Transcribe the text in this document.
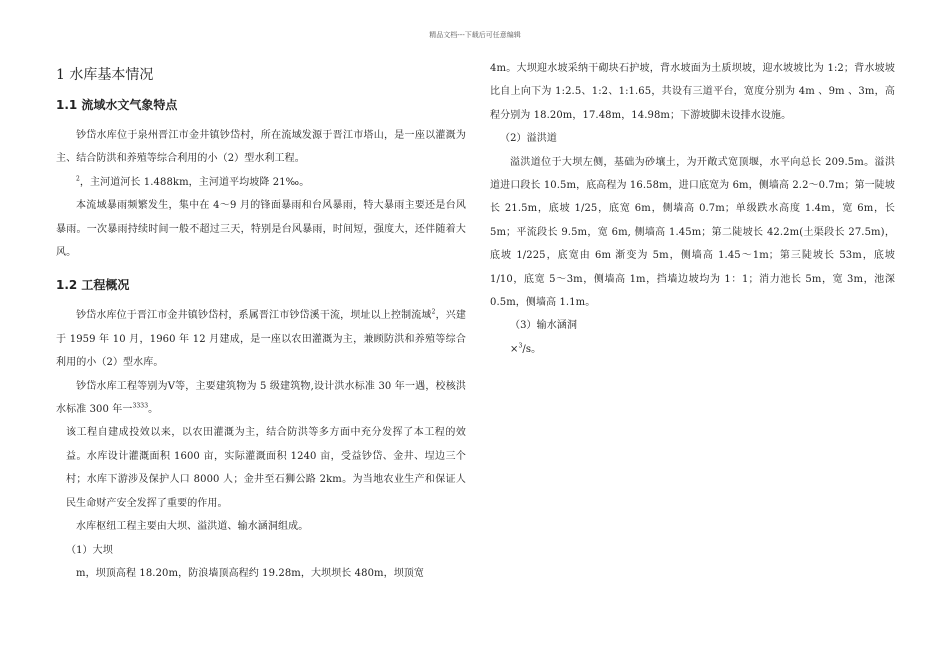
精品文档---下载后可任意编辑
1 水库基本情况
1.1 流域水文气象特点

钞岱水库位于泉州晋江市金井镇钞岱村，所在流域发源于晋江市塔山，是一座以灌溉为主、结合防洪和养殖等综合利用的小（2）型水利工程。

$^2$，主河道河长 1.488km，主河道平均坡降 21‰。

本流域暴雨频繁发生，集中在 4～9 月的锋面暴雨和台风暴雨，特大暴雨主要还是台风暴雨。一次暴雨持续时间一般不超过三天，特别是台风暴雨，时间短，强度大，还伴随着大风。

1.2 工程概况

钞岱水库位于晋江市金井镇钞岱村，系属晋江市钞岱溪干流，坝址以上控制流域$^2$，兴建于 1959 年 10 月，1960 年 12 月建成，是一座以农田灌溉为主，兼顾防洪和养殖等综合利用的小（2）型水库。

钞岱水库工程等别为Ⅴ等，主要建筑物为 5 级建筑物,设计洪水标准 30 年一遇，校核洪水标准 300 年一$^{3333}$。

该工程自建成投效以来，以农田灌溉为主，结合防洪等多方面中充分发挥了本工程的效益。水库设计灌溉面积 1600 亩，实际灌溉面积 1240 亩，受益钞岱、金井、埕边三个村；水库下游涉及保护人口 8000 人；金井至石狮公路 2km。为当地农业生产和保证人民生命财产安全发挥了重要的作用。

水库枢纽工程主要由大坝、溢洪道、输水涵洞组成。

（1）大坝

m，坝顶高程 18.20m，防浪墙顶高程约 19.28m，大坝坝长 480m，坝顶宽

4m。大坝迎水坡采纳干砌块石护坡，背水坡面为土质坝坡，迎水坡坡比为 1:2；背水坡坡比自上向下为 1:2.5、1:2、1:1.65，共设有三道平台，宽度分别为 4m 、9m 、3m，高程分别为 18.20m，17.48m，14.98m；下游坡脚未设排水设施。

（2）溢洪道

溢洪道位于大坝左侧，基础为砂壤土，为开敞式宽顶堰，水平向总长 209.5m。溢洪道进口段长 10.5m，底高程为 16.58m，进口底宽为 6m，侧墙高 2.2～0.7m；第一陡坡长 21.5m，底坡 1/25，底宽 6m，侧墙高 0.7m；单级跌水高度 1.4m，宽 6m，长 5m；平流段长 9.5m，宽 6m, 侧墙高 1.45m；第二陡坡长 42.2m(土渠段长 27.5m)，底坡 1/225，底宽由 6m 渐变为 5m，侧墙高 1.45～1m；第三陡坡长 53m，底坡 1/10，底宽 5～3m，侧墙高 1m，挡墙边坡均为 1：1；消力池长 5m，宽 3m，池深 0.5m，侧墙高 1.1m。

（3）输水涵洞

×$^3$/s。
